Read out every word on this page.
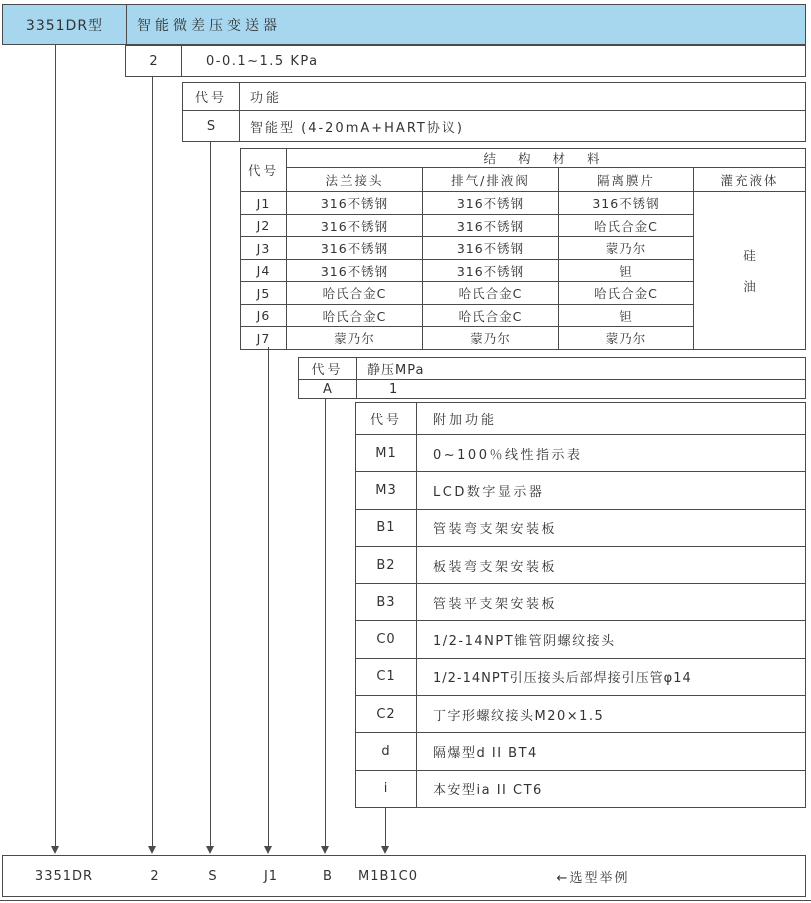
3351DR型	智能微差压变送器
2	0-0.1~1.5 KPa
代号	功能
S	智能型 (4-20mA+HART协议)
代号	结 构 材 料			
	法兰接头	排气/排液阀	隔离膜片	灌充液体
J1	316不锈钢	316不锈钢	316不锈钢	硅
油

J2	316不锈钢	316不锈钢	哈氏合金C	
J3	316不锈钢	316不锈钢	蒙乃尔	
J4	316不锈钢	316不锈钢	钽	
J5	哈氏合金C	哈氏合金C	哈氏合金C	
J6	哈氏合金C	哈氏合金C	钽	
J7	蒙乃尔	蒙乃尔	蒙乃尔	
代号	静压MPa
A	1
代号	附加功能
M1	0~100％线性指示表
M3	LCD数字显示器
B1	管装弯支架安装板
B2	板装弯支架安装板
B3	管装平支架安装板
C0	1/2-14NPT锥管阴螺纹接头
C1	1/2-14NPT引压接头后部焊接引压管φ14
C2	丁字形螺纹接头M20×1.5
d	隔爆型d II BT4
i	本安型ia II CT6
3351DR	2	S	J1	B	M1B1C0	←选型举例
